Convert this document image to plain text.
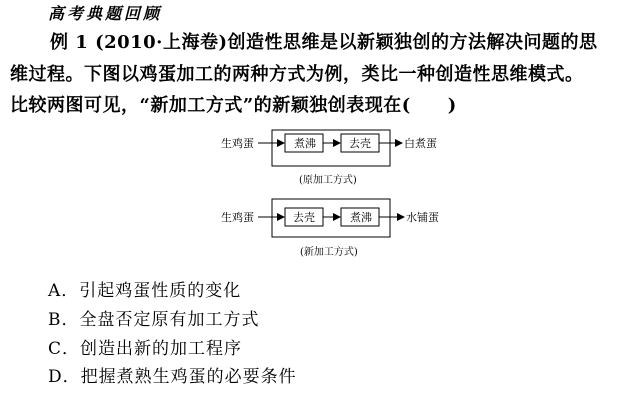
高考典题回顾
例 1 (2010·上海卷)创造性思维是以新颖独创的方法解决问题的思
维过程。下图以鸡蛋加工的两种方式为例，类比一种创造性思维模式。
比较两图可见，“新加工方式”的新颖独创表现在(　　)
生鸡蛋	煮沸	去壳	白煮蛋
(原加工方式)
生鸡蛋	去壳	煮沸	水铺蛋
(新加工方式)
A．引起鸡蛋性质的变化
B．全盘否定原有加工方式
C．创造出新的加工程序
D．把握煮熟生鸡蛋的必要条件
